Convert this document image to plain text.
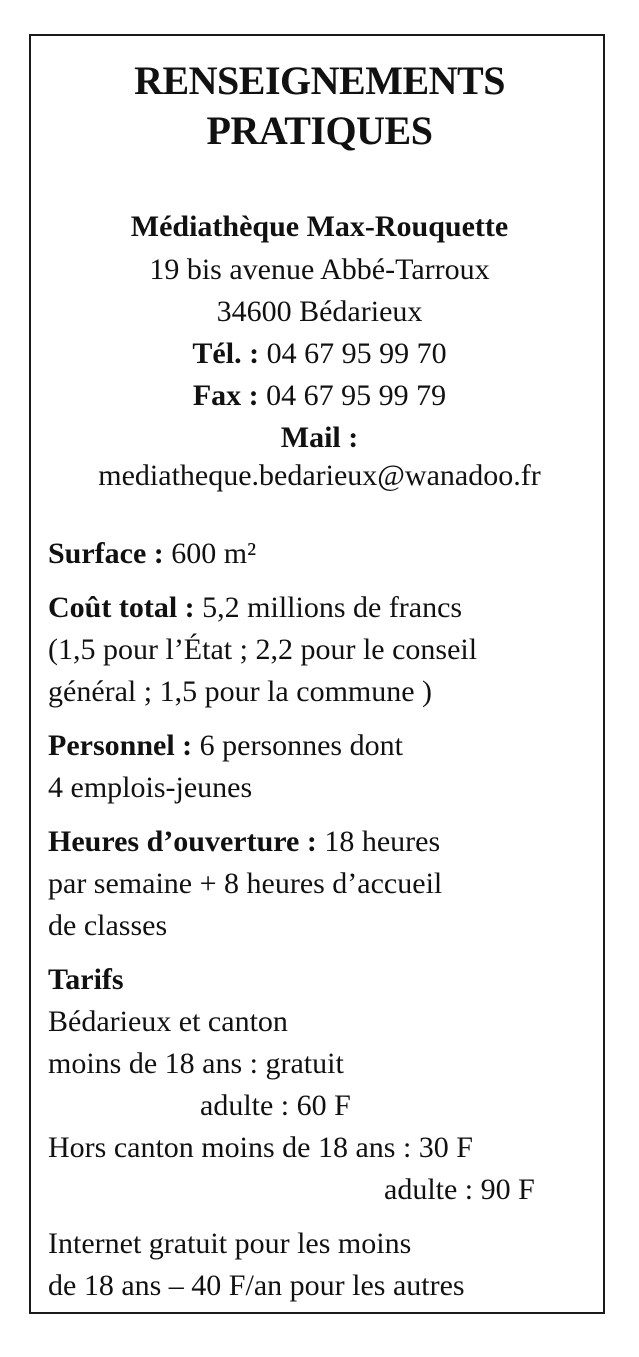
RENSEIGNEMENTS
PRATIQUES
Médiathèque Max-Rouquette
19 bis avenue Abbé-Tarroux
34600 Bédarieux
Tél. : 04 67 95 99 70
Fax : 04 67 95 99 79
Mail :
mediatheque.bedarieux@wanadoo.fr
Surface : 600 m²
Coût total : 5,2 millions de francs
(1,5 pour l’État ; 2,2 pour le conseil
général ; 1,5 pour la commune )
Personnel : 6 personnes dont
4 emplois-jeunes
Heures d’ouverture : 18 heures
par semaine + 8 heures d’accueil
de classes
Tarifs
Bédarieux et canton
moins de 18 ans : gratuit
adulte : 60 F
Hors canton moins de 18 ans : 30 F
adulte : 90 F
Internet gratuit pour les moins
de 18 ans – 40 F/an pour les autres
